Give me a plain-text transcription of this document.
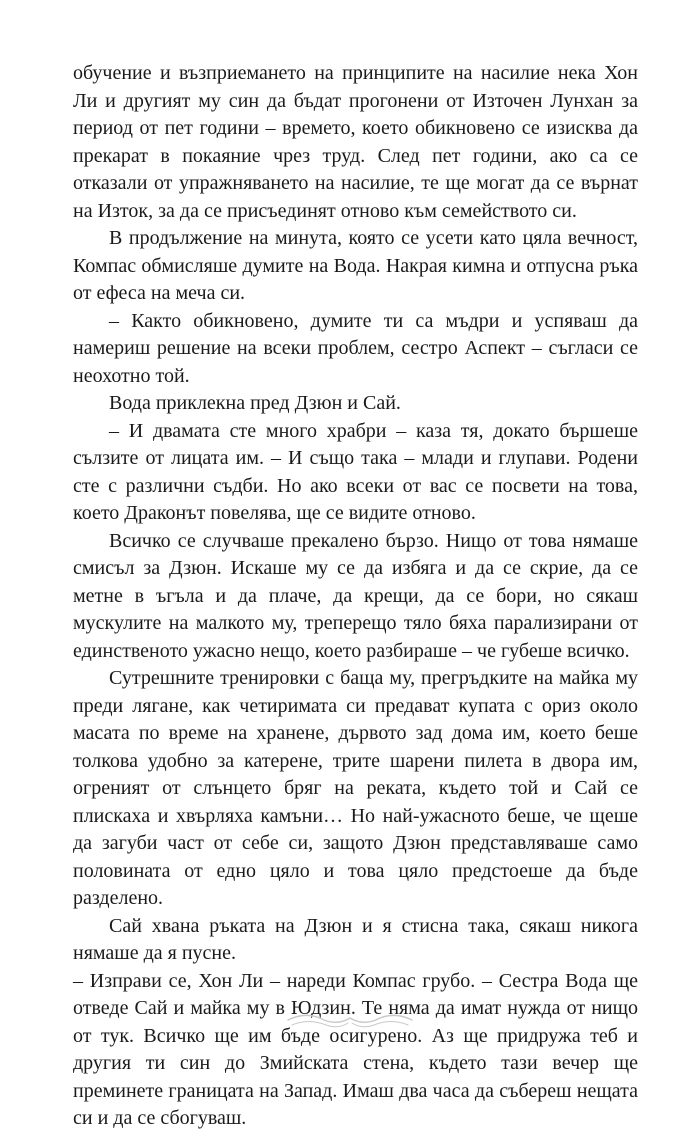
обучение и възприемането на принципите на насилие нека Хон Ли и другият му син да бъдат прогонени от Източен Лунхан за период от пет години – времето, което обикновено се изисква да прекарат в покаяние чрез труд. След пет години, ако са се отказали от упражняването на насилие, те ще могат да се върнат на Изток, за да се присъединят отново към семейството си.

В продължение на минута, която се усети като цяла вечност, Компас обмисляше думите на Вода. Накрая кимна и отпусна ръка от ефеса на меча си.

– Както обикновено, думите ти са мъдри и успяваш да намериш решение на всеки проблем, сестро Аспект – съгласи се неохотно той.

Вода приклекна пред Дзюн и Сай.

– И двамата сте много храбри – каза тя, докато бършеше сълзите от лицата им. – И също така – млади и глупави. Родени сте с различни съдби. Но ако всеки от вас се посвети на това, което Драконът повелява, ще се видите отново.

Всичко се случваше прекалено бързо. Нищо от това нямаше смисъл за Дзюн. Искаше му се да избяга и да се скрие, да се метне в ъгъла и да плаче, да крещи, да се бори, но сякаш мускулите на малкото му, треперещо тяло бяха парализирани от единственото ужасно нещо, което разбираше – че губеше всичко.

Сутрешните тренировки с баща му, прегръдките на майка му преди лягане, как четиримата си предават купата с ориз около масата по време на хранене, дървото зад дома им, което беше толкова удобно за катерене, трите шарени пилета в двора им, огреният от слънцето бряг на реката, където той и Сай се плискаха и хвърляха камъни… Но най-ужасното беше, че щеше да загуби част от себе си, защото Дзюн представляваше само половината от едно цяло и това цяло предстоеше да бъде разделено.

Сай хвана ръката на Дзюн и я стисна така, сякаш никога нямаше да я пусне.

– Изправи се, Хон Ли – нареди Компас грубо. – Сестра Вода ще отведе Сай и майка му в Юдзин. Те няма да имат нужда от нищо от тук. Всичко ще им бъде осигурено. Аз ще придружа теб и другия ти син до Змийската стена, където тази вечер ще преминете границата на Запад. Имаш два часа да събереш нещата си и да се сбогуваш.
